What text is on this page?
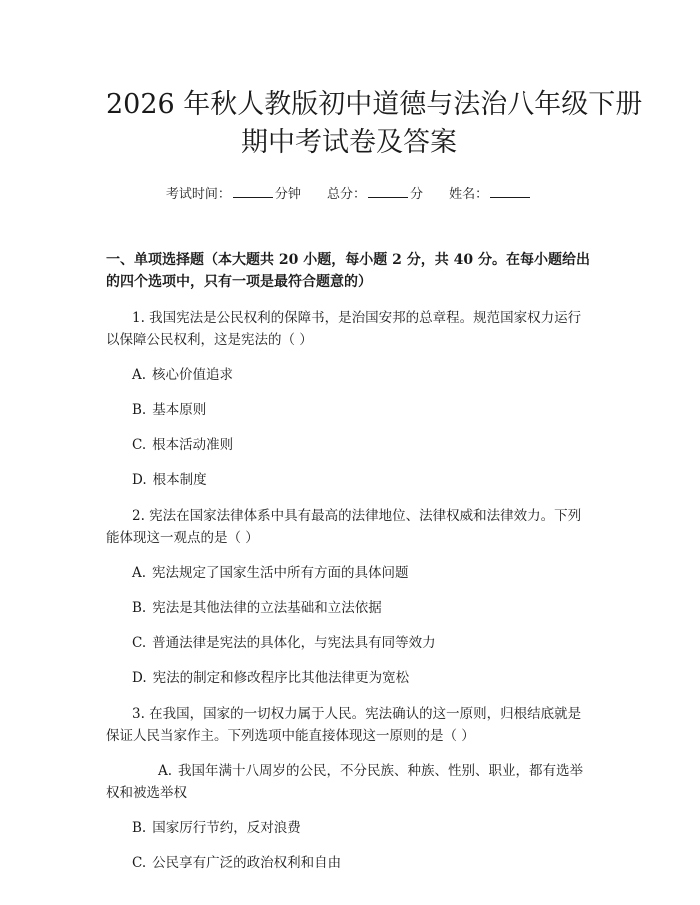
2026 年秋人教版初中道德与法治八年级下册
期中考试卷及答案
考试时间：	分钟 总分：	分 姓名：
一、单项选择题（本大题共 20 小题，每小题 2 分，共 40 分。在每小题给出的四个选项中，只有一项是最符合题意的）
1. 我国宪法是公民权利的保障书，是治国安邦的总章程。规范国家权力运行以保障公民权利，这是宪法的（ ）
A. 核心价值追求
B. 基本原则
C. 根本活动准则
D. 根本制度
2. 宪法在国家法律体系中具有最高的法律地位、法律权威和法律效力。下列能体现这一观点的是（ ）
A. 宪法规定了国家生活中所有方面的具体问题
B. 宪法是其他法律的立法基础和立法依据
C. 普通法律是宪法的具体化，与宪法具有同等效力
D. 宪法的制定和修改程序比其他法律更为宽松
3. 在我国，国家的一切权力属于人民。宪法确认的这一原则，归根结底就是保证人民当家作主。下列选项中能直接体现这一原则的是（ ）
A. 我国年满十八周岁的公民，不分民族、种族、性别、职业，都有选举权和被选举权
B. 国家厉行节约，反对浪费
C. 公民享有广泛的政治权利和自由
